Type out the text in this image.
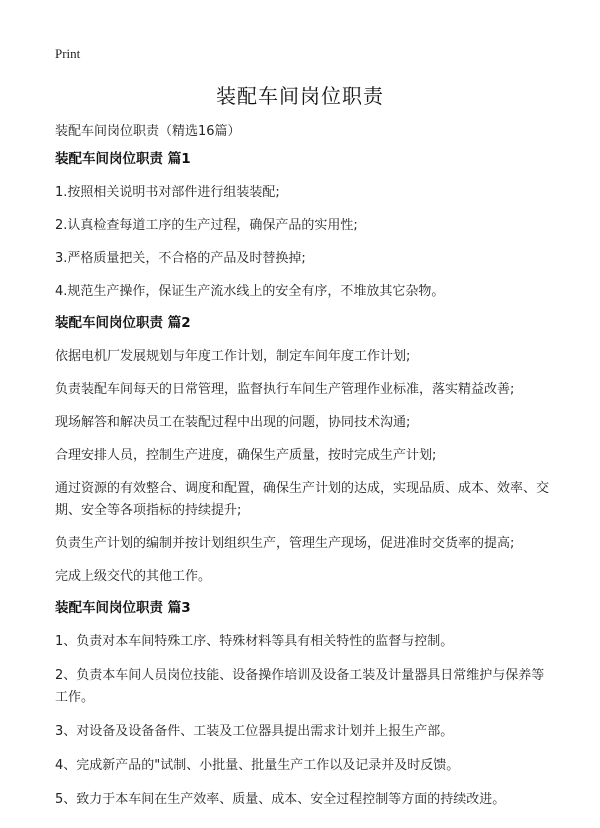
Print
装配车间岗位职责
装配车间岗位职责（精选16篇）
装配车间岗位职责 篇1
1.按照相关说明书对部件进行组装装配;
2.认真检查每道工序的生产过程，确保产品的实用性;
3.严格质量把关，不合格的产品及时替换掉;
4.规范生产操作，保证生产流水线上的安全有序，不堆放其它杂物。
装配车间岗位职责 篇2
依据电机厂发展规划与年度工作计划，制定车间年度工作计划;
负责装配车间每天的日常管理，监督执行车间生产管理作业标准，落实精益改善;
现场解答和解决员工在装配过程中出现的问题，协同技术沟通;
合理安排人员，控制生产进度，确保生产质量，按时完成生产计划;
通过资源的有效整合、调度和配置，确保生产计划的达成，实现品质、成本、效率、交期、安全等各项指标的持续提升;
负责生产计划的编制并按计划组织生产，管理生产现场，促进准时交货率的提高;
完成上级交代的其他工作。
装配车间岗位职责 篇3
1、负责对本车间特殊工序、特殊材料等具有相关特性的监督与控制。
2、负责本车间人员岗位技能、设备操作培训及设备工装及计量器具日常维护与保养等工作。
3、对设备及设备备件、工装及工位器具提出需求计划并上报生产部。
4、完成新产品的"试制、小批量、批量生产工作以及记录并及时反馈。
5、致力于本车间在生产效率、质量、成本、安全过程控制等方面的持续改进。
